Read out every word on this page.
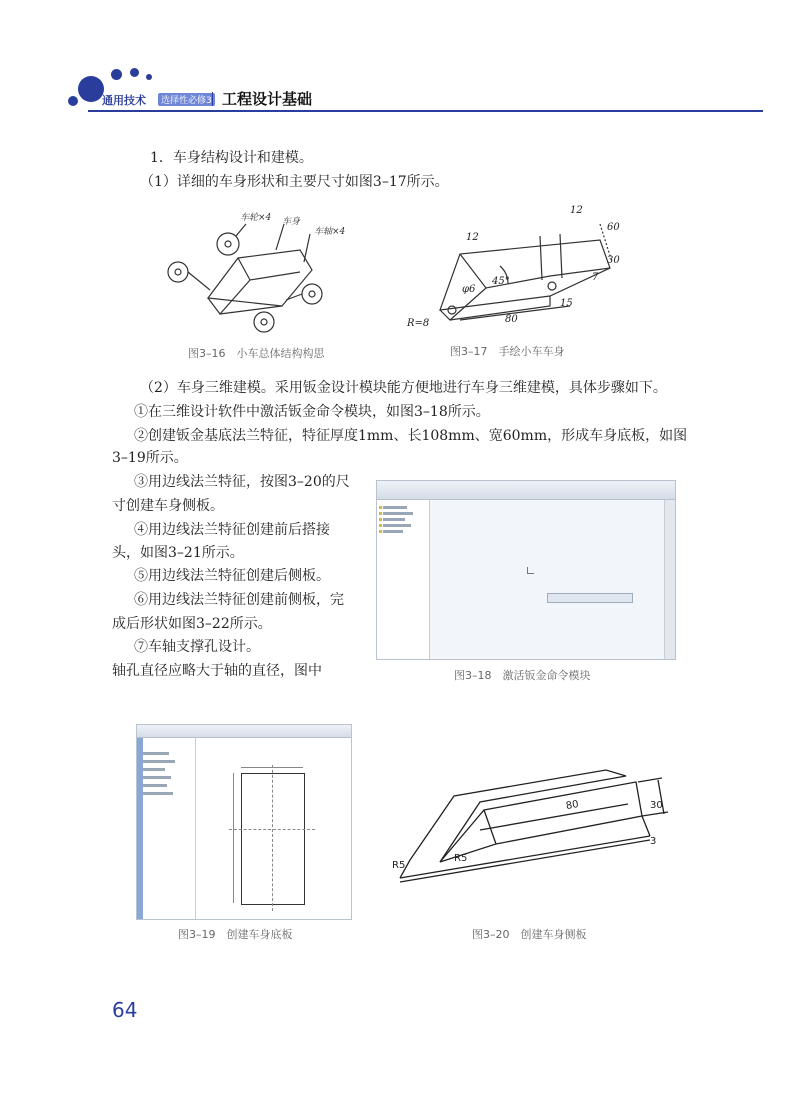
通用技术	选择性必修3 工程设计基础
1．车身结构设计和建模。
（1）详细的车身形状和主要尺寸如图3–17所示。
车轮×4 车身
车轴×4
图3–16　小车总体结构构思
12
60
12
30
7
45°
φ6
15
80
R=8
图3–17　手绘小车车身
（2）车身三维建模。采用钣金设计模块能方便地进行车身三维建模，具体步骤如下。
①在三维设计软件中激活钣金命令模块，如图3–18所示。
②创建钣金基底法兰特征，特征厚度1mm、长108mm、宽60mm，形成车身底板，如图
3–19所示。
③用边线法兰特征，按图3–20的尺
寸创建车身侧板。
④用边线法兰特征创建前后搭接
头，如图3–21所示。
⑤用边线法兰特征创建后侧板。
⑥用边线法兰特征创建前侧板，完
成后形状如图3–22所示。
⑦车轴支撑孔设计。
轴孔直径应略大于轴的直径，图中	图3–18　激活钣金命令模块
图3–19　创建车身底板
80	30
R5
R5
3
图3–20　创建车身侧板
64
